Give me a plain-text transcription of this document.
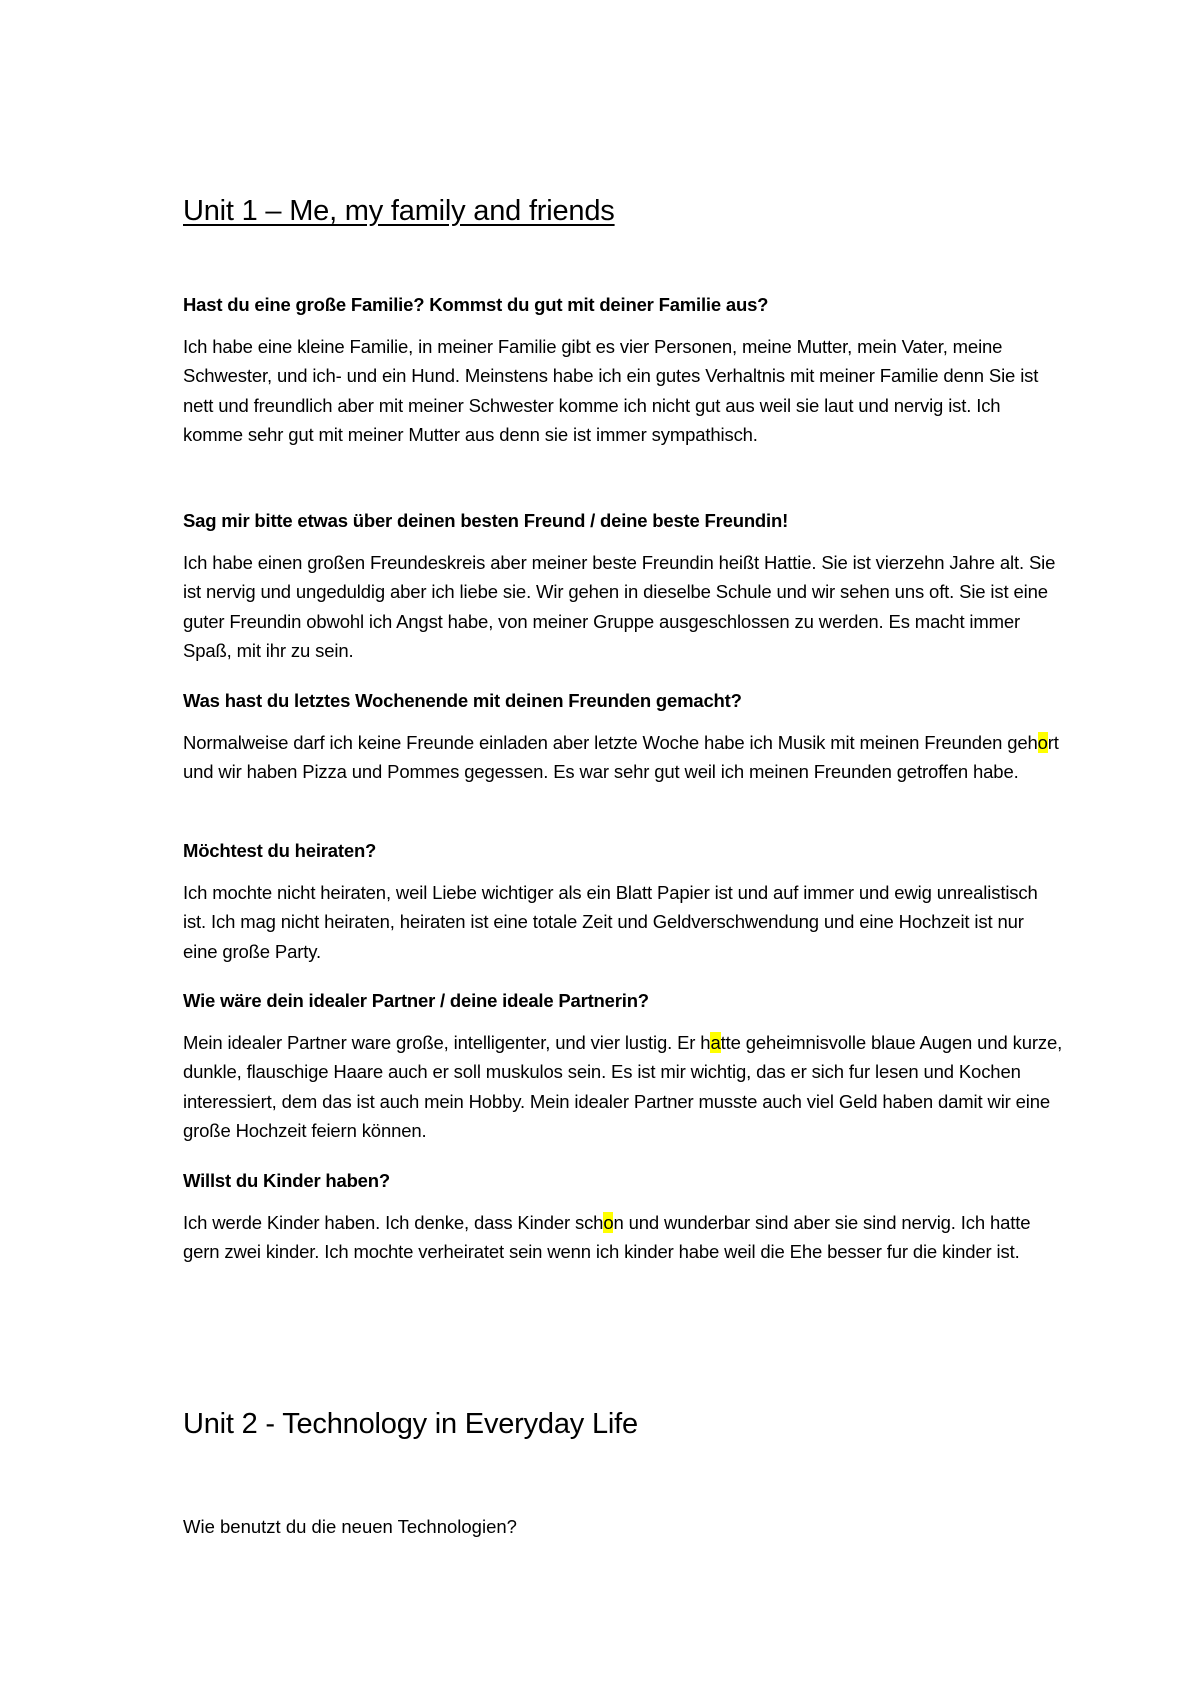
Unit 1 – Me, my family and friends

Hast du eine große Familie? Kommst du gut mit deiner Familie aus?

Ich habe eine kleine Familie, in meiner Familie gibt es vier Personen, meine Mutter, mein Vater, meine Schwester, und ich- und ein Hund. Meinstens habe ich ein gutes Verhaltnis mit meiner Familie denn Sie ist nett und freundlich aber mit meiner Schwester komme ich nicht gut aus weil sie laut und nervig ist. Ich komme sehr gut mit meiner Mutter aus denn sie ist immer sympathisch.

Sag mir bitte etwas über deinen besten Freund / deine beste Freundin!

Ich habe einen großen Freundeskreis aber meiner beste Freundin heißt Hattie. Sie ist vierzehn Jahre alt. Sie ist nervig und ungeduldig aber ich liebe sie. Wir gehen in dieselbe Schule und wir sehen uns oft. Sie ist eine guter Freundin obwohl ich Angst habe, von meiner Gruppe ausgeschlossen zu werden. Es macht immer Spaß, mit ihr zu sein.

Was hast du letztes Wochenende mit deinen Freunden gemacht?

Normalweise darf ich keine Freunde einladen aber letzte Woche habe ich Musik mit meinen Freunden gehort und wir haben Pizza und Pommes gegessen. Es war sehr gut weil ich meinen Freunden getroffen habe.

Möchtest du heiraten?

Ich mochte nicht heiraten, weil Liebe wichtiger als ein Blatt Papier ist und auf immer und ewig unrealistisch ist. Ich mag nicht heiraten, heiraten ist eine totale Zeit und Geldverschwendung und eine Hochzeit ist nur eine große Party.

Wie wäre dein idealer Partner / deine ideale Partnerin?

Mein idealer Partner ware große, intelligenter, und vier lustig. Er hatte geheimnisvolle blaue Augen und kurze, dunkle, flauschige Haare auch er soll muskulos sein. Es ist mir wichtig, das er sich fur lesen und Kochen interessiert, dem das ist auch mein Hobby. Mein idealer Partner musste auch viel Geld haben damit wir eine große Hochzeit feiern können.

Willst du Kinder haben?

Ich werde Kinder haben. Ich denke, dass Kinder schon und wunderbar sind aber sie sind nervig. Ich hatte gern zwei kinder. Ich mochte verheiratet sein wenn ich kinder habe weil die Ehe besser fur die kinder ist.

Unit 2 - Technology in Everyday Life

Wie benutzt du die neuen Technologien?
